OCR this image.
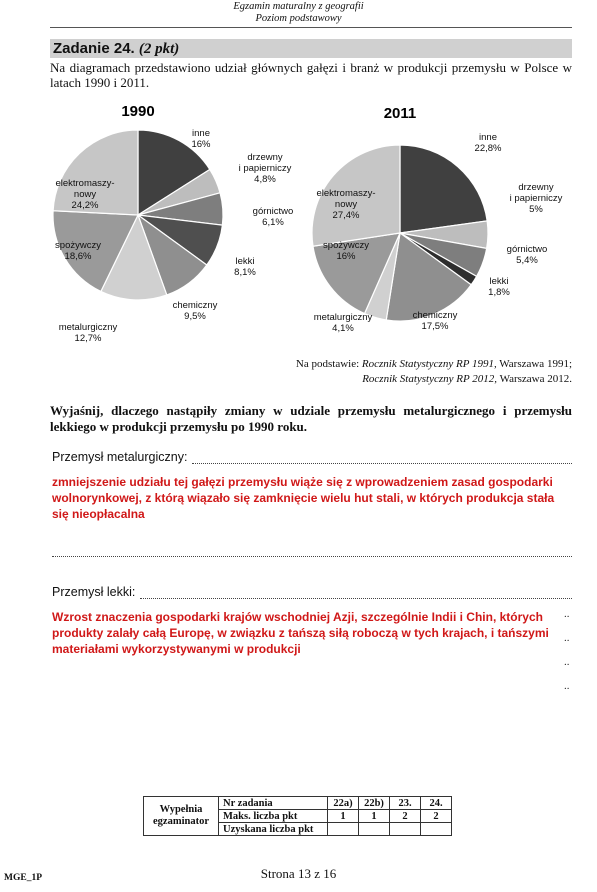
Egzamin maturalny z geografii
Poziom podstawowy
Zadanie 24. (2 pkt)
Na diagramach przedstawiono udział głównych gałęzi i branż w produkcji przemysłu w Polsce w latach 1990 i 2011.
1990
inne 16%
drzewny i papierniczy 4,8%
górnictwo 6,1%
lekki 8,1%
chemiczny 9,5%
metalurgiczny 12,7%
spożywczy 18,6%
elektromaszy-nowy 24,2%
2011
inne 22,8%
drzewny i papierniczy 5%
górnictwo 5,4%
lekki 1,8%
chemiczny 17,5%
metalurgiczny 4,1%
spożywczy 16%
elektromaszy-nowy 27,4%
Na podstawie: Rocznik Statystyczny RP 1991, Warszawa 1991;
Rocznik Statystyczny RP 2012, Warszawa 2012.
Wyjaśnij, dlaczego nastąpiły zmiany w udziale przemysłu metalurgicznego i przemysłu lekkiego w produkcji przemysłu po 1990 roku.
Przemysł metalurgiczny:
zmniejszenie udziału tej gałęzi przemysłu wiąże się z wprowadzeniem zasad gospodarki wolnorynkowej, z którą wiązało się zamknięcie wielu hut stali, w których produkcja stała się nieopłacalna
Przemysł lekki:
Wzrost znaczenia gospodarki krajów wschodniej Azji, szczególnie Indii i Chin, których produkty zalały całą Europę, w związku z tańszą siłą roboczą w tych krajach, i tańszymi materiałami wykorzystywanymi w produkcji
..
..
..
..
Wypełnia egzaminator	Nr zadania	22a)	22b)	23.	24.
	Maks. liczba pkt	1	1	2	2
	Uzyskana liczba pkt				
Strona 13 z 16
MGE_1P
